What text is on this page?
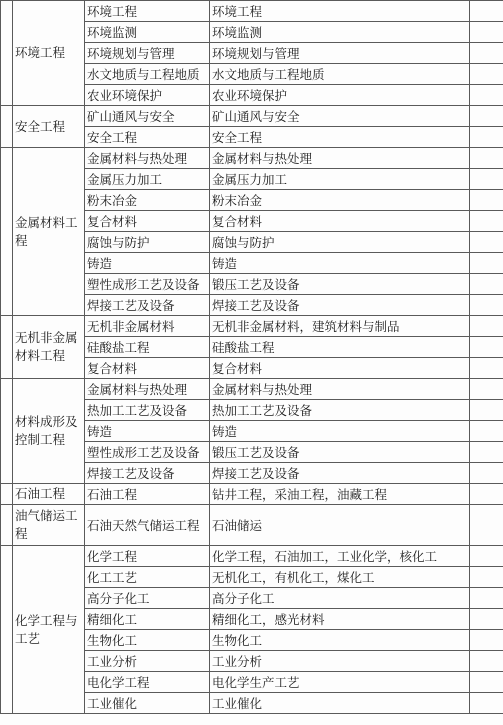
	环境工程	环境工程	环境工程	
		环境监测	环境监测	
		环境规划与管理	环境规划与管理	
		水文地质与工程地质	水文地质与工程地质	
		农业环境保护	农业环境保护	
	安全工程	矿山通风与安全	矿山通风与安全	
		安全工程	安全工程	
	金属材料工程	金属材料与热处理	金属材料与热处理	
		金属压力加工	金属压力加工	
		粉末冶金	粉末冶金	
		复合材料	复合材料	
		腐蚀与防护	腐蚀与防护	
		铸造	铸造	
		塑性成形工艺及设备	锻压工艺及设备	
		焊接工艺及设备	焊接工艺及设备	
	无机非金属材料工程	无机非金属材料	无机非金属材料，建筑材料与制品	
		硅酸盐工程	硅酸盐工程	
		复合材料	复合材料	
	材料成形及控制工程	金属材料与热处理	金属材料与热处理	
		热加工工艺及设备	热加工工艺及设备	
		铸造	铸造	
		塑性成形工艺及设备	锻压工艺及设备	
		焊接工艺及设备	焊接工艺及设备	
	石油工程	石油工程	钻井工程，采油工程，油藏工程	
	油气储运工程	石油天然气储运工程	石油储运	
	化学工程与工艺	化学工程	化学工程，石油加工，工业化学，核化工	
		化工工艺	无机化工，有机化工，煤化工	
		高分子化工	高分子化工	
		精细化工	精细化工，感光材料	
		生物化工	生物化工	
		工业分析	工业分析	
		电化学工程	电化学生产工艺	
		工业催化	工业催化	
